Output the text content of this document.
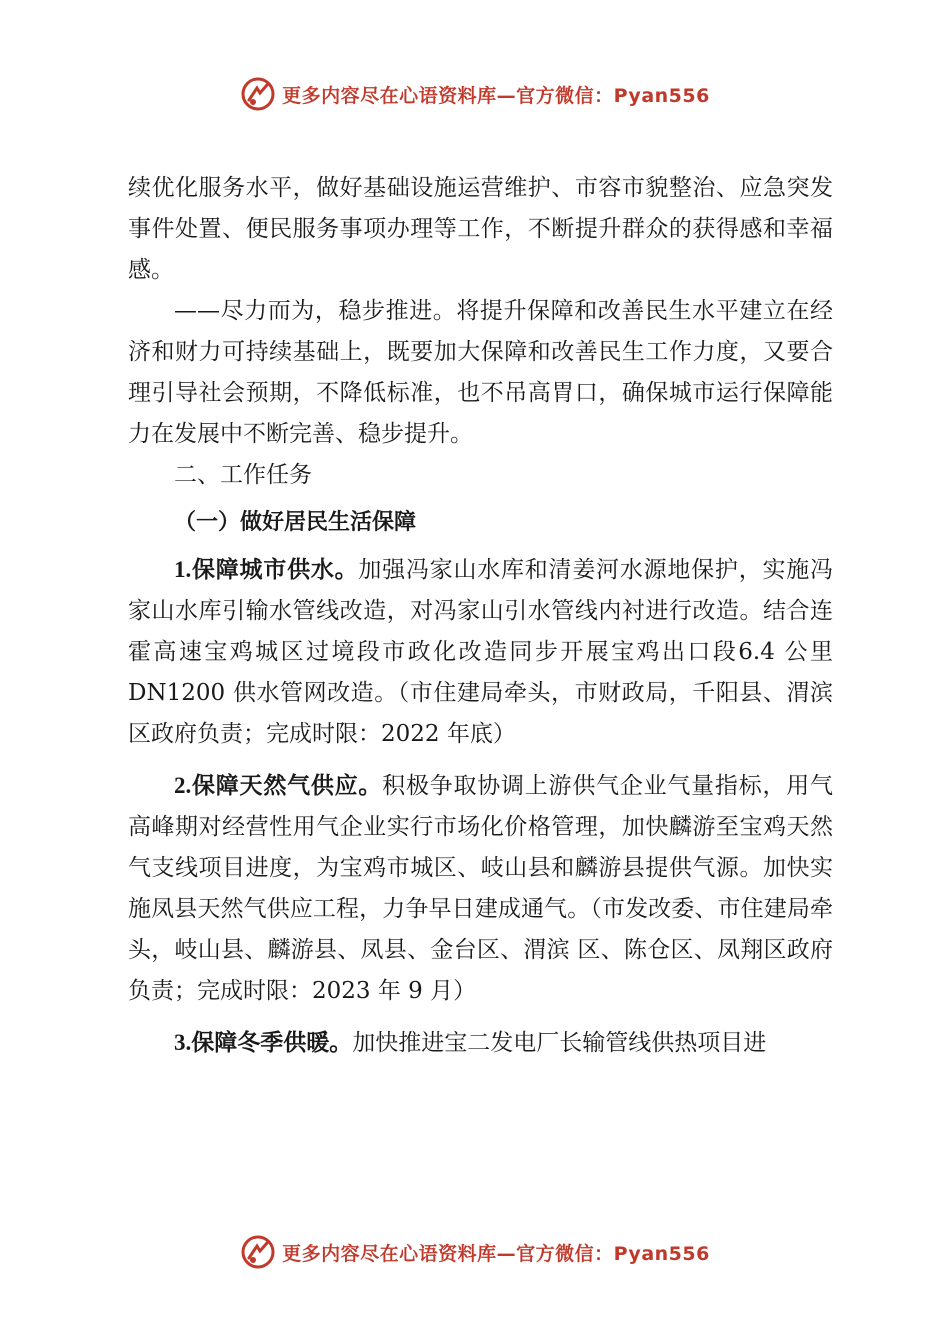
更多内容尽在心语资料库—官方微信：Pyan556

续优化服务水平，做好基础设施运营维护、市容市貌整治、应急突发事件处置、便民服务事项办理等工作，不断提升群众的获得感和幸福感。

——尽力而为，稳步推进。将提升保障和改善民生水平建立在经济和财力可持续基础上，既要加大保障和改善民生工作力度，又要合理引导社会预期，不降低标准，也不吊高胃口，确保城市运行保障能力在发展中不断完善、稳步提升。

二、工作任务

（一）做好居民生活保障

1.保障城市供水。加强冯家山水库和清姜河水源地保护，实施冯家山水库引输水管线改造，对冯家山引水管线内衬进行改造。结合连霍高速宝鸡城区过境段市政化改造同步开展宝鸡出口段6.4 公里 DN1200 供水管网改造。（市住建局牵头，市财政局，千阳县、渭滨区政府负责；完成时限：2022 年底）

2.保障天然气供应。积极争取协调上游供气企业气量指标，用气高峰期对经营性用气企业实行市场化价格管理，加快麟游至宝鸡天然气支线项目进度，为宝鸡市城区、岐山县和麟游县提供气源。加快实施凤县天然气供应工程，力争早日建成通气。（市发改委、市住建局牵头，岐山县、麟游县、凤县、金台区、渭滨 区、陈仓区、凤翔区政府负责；完成时限：2023 年 9 月）

3.保障冬季供暖。加快推进宝二发电厂长输管线供热项目进

更多内容尽在心语资料库—官方微信：Pyan556
